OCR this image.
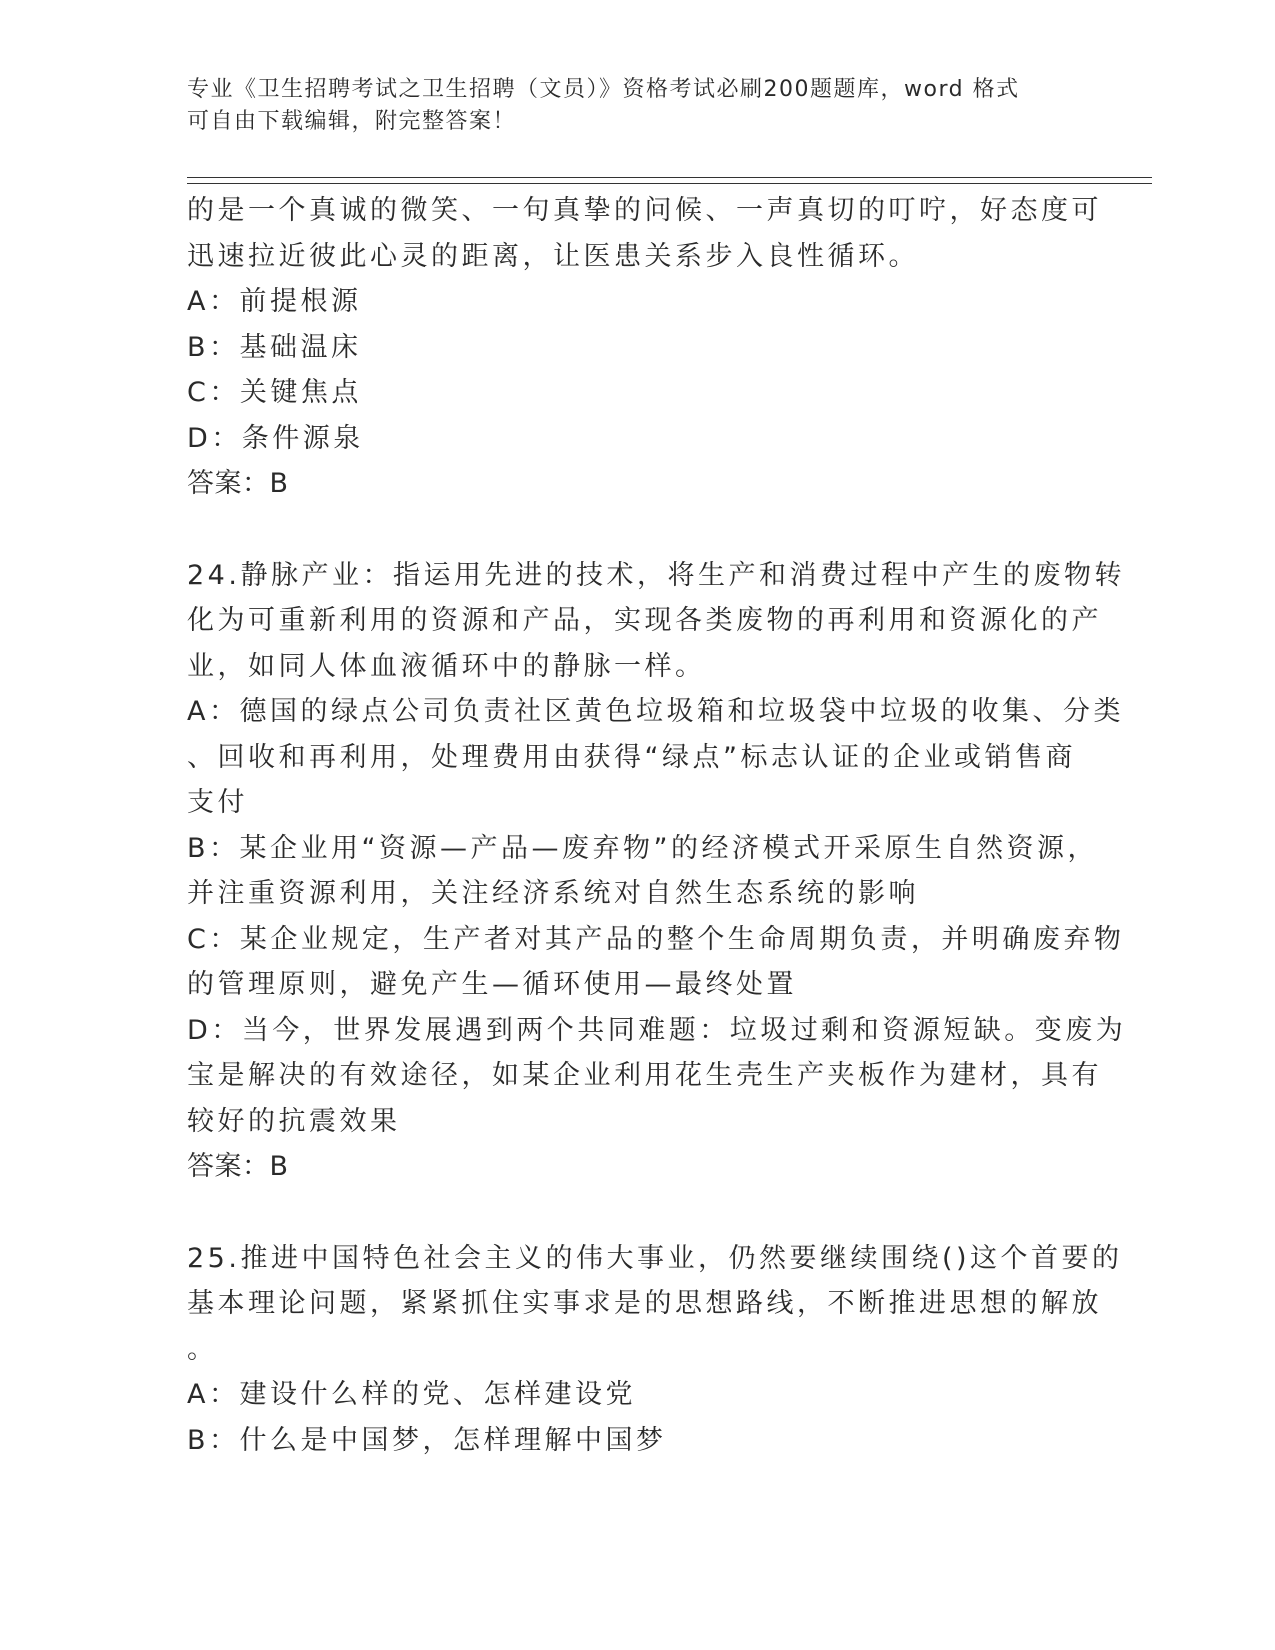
专业《卫生招聘考试之卫生招聘（文员）》资格考试必刷200题题库，word 格式
可自由下载编辑，附完整答案！
的是一个真诚的微笑、一句真挚的问候、一声真切的叮咛，好态度可
迅速拉近彼此心灵的距离，让医患关系步入良性循环。
A：前提根源
B：基础温床
C：关键焦点
D：条件源泉
答案：B
24.静脉产业：指运用先进的技术，将生产和消费过程中产生的废物转
化为可重新利用的资源和产品，实现各类废物的再利用和资源化的产
业，如同人体血液循环中的静脉一样。
A：德国的绿点公司负责社区黄色垃圾箱和垃圾袋中垃圾的收集、分类
、回收和再利用，处理费用由获得“绿点”标志认证的企业或销售商
支付
B：某企业用“资源—产品—废弃物”的经济模式开采原生自然资源，
并注重资源利用，关注经济系统对自然生态系统的影响
C：某企业规定，生产者对其产品的整个生命周期负责，并明确废弃物
的管理原则，避免产生—循环使用—最终处置
D：当今，世界发展遇到两个共同难题：垃圾过剩和资源短缺。变废为
宝是解决的有效途径，如某企业利用花生壳生产夹板作为建材，具有
较好的抗震效果
答案：B
25.推进中国特色社会主义的伟大事业，仍然要继续围绕()这个首要的
基本理论问题，紧紧抓住实事求是的思想路线，不断推进思想的解放
。
A：建设什么样的党、怎样建设党
B：什么是中国梦，怎样理解中国梦
